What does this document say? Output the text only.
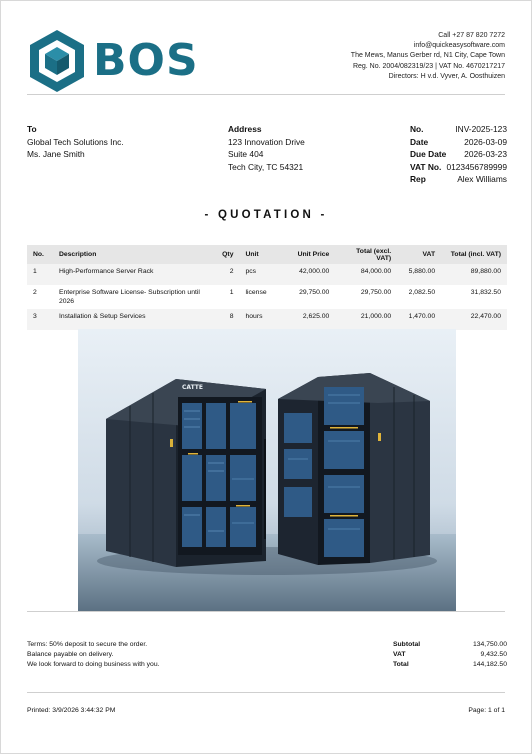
BOS	Call +27 87 820 7272
info@quickeasysoftware.com
The Mews, Manus Gerber rd, N1 City, Cape Town
Reg. No. 2004/082319/23 | VAT No. 4670217217
Directors: H v.d. Vyver, A. Oosthuizen
To
Global Tech Solutions Inc.
Ms. Jane Smith
Address
123 Innovation Drive
Suite 404
Tech City, TC 54321
No.	INV-2025-123
Date	2026-03-09
Due Date 2026-03-23
VAT No. 0123456789999
Rep	Alex Williams
- QUOTATION -
No.	Description	Qty	Unit	Unit Price	Total (excl. VAT)	VAT	Total (incl. VAT)
1	High-Performance Server Rack	2	pcs	42,000.00	84,000.00	5,880.00	89,880.00
2	Enterprise Software License- Subscription until 2026	1	license	29,750.00	29,750.00	2,082.50	31,832.50
3	Installation & Setup Services	8	hours	2,625.00	21,000.00	1,470.00	22,470.00
CATTE
Terms: 50% deposit to secure the order.
Balance payable on delivery.
We look forward to doing business with you.
Subtotal	134,750.00
VAT	9,432.50
Total	144,182.50
Printed: 3/9/2026 3:44:32 PM	Page: 1 of 1
